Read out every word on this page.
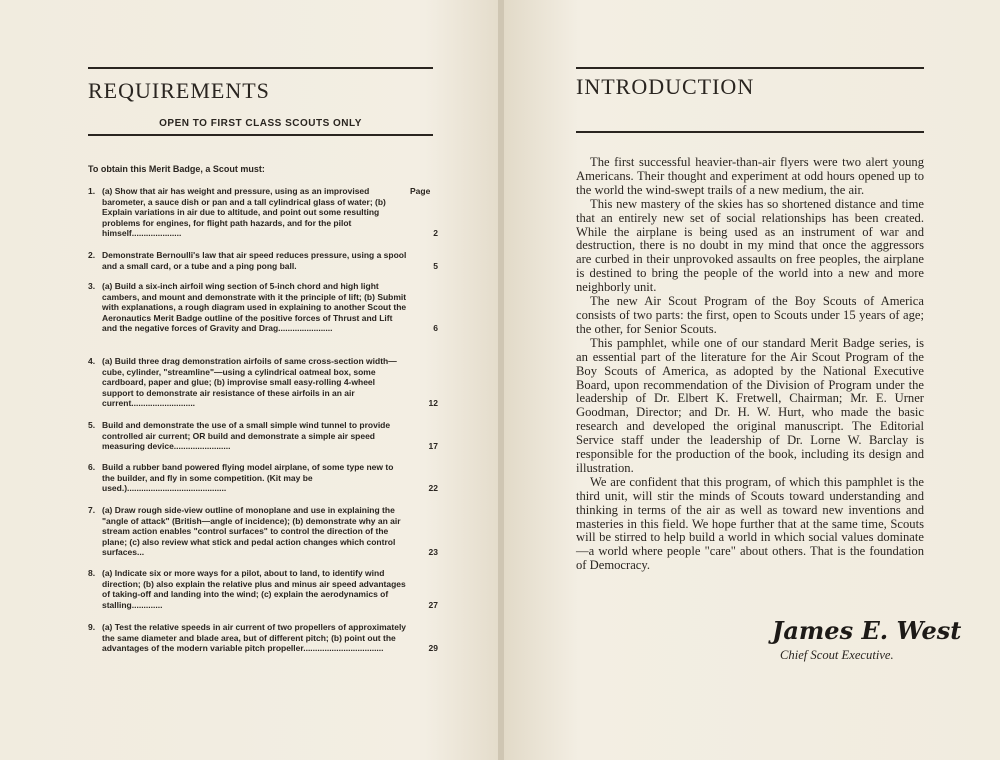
REQUIREMENTS
OPEN TO FIRST CLASS SCOUTS ONLY
To obtain this Merit Badge, a Scout must:
Page
1. (a) Show that air has weight and pressure, using as an improvised barometer, a sauce dish or pan and a tall cylindrical glass of water; (b) Explain variations in air due to altitude, and point out some resulting problems for engines, for flight path hazards, and for the pilot himself.....................	2
2. Demonstrate Bernoulli's law that air speed reduces pressure, using a spool and a small card, or a tube and a ping pong ball.	5
3. (a) Build a six-inch airfoil wing section of 5-inch chord and high light cambers, and mount and demonstrate with it the principle of lift; (b) Submit with explanations, a rough diagram used in explaining to another Scout the Aeronautics Merit Badge outline of the positive forces of Thrust and Lift and the negative forces of Gravity and Drag.......................	6
4. (a) Build three drag demonstration airfoils of same cross-section width—cube, cylinder, "streamline"—using a cylindrical oatmeal box, some cardboard, paper and glue; (b) improvise small easy-rolling 4-wheel support to demonstrate air resistance of these airfoils in an air current...........................	12
5. Build and demonstrate the use of a small simple wind tunnel to provide controlled air current; OR build and demonstrate a simple air speed measuring device........................	17
6. Build a rubber band powered flying model airplane, of some type new to the builder, and fly in some competition. (Kit may be used.)..........................................	22
7. (a) Draw rough side-view outline of monoplane and use in explaining the "angle of attack" (British—angle of incidence); (b) demonstrate why an air stream action enables "control surfaces" to control the direction of the plane; (c) also review what stick and pedal action changes which control surfaces...	23
8. (a) Indicate six or more ways for a pilot, about to land, to identify wind direction; (b) also explain the relative plus and minus air speed advantages of taking-off and landing into the wind; (c) explain the aerodynamics of stalling.............	27
9. (a) Test the relative speeds in air current of two propellers of approximately the same diameter and blade area, but of different pitch; (b) point out the advantages of the modern variable pitch propeller..................................	29
INTRODUCTION

The first successful heavier-than-air flyers were two alert young Americans. Their thought and experiment at odd hours opened up to the world the wind-swept trails of a new medium, the air.

This new mastery of the skies has so shortened distance and time that an entirely new set of social relationships has been created. While the airplane is being used as an instrument of war and destruction, there is no doubt in my mind that once the aggressors are curbed in their unprovoked assaults on free peoples, the airplane is destined to bring the people of the world into a new and more neighborly unit.

The new Air Scout Program of the Boy Scouts of America consists of two parts: the first, open to Scouts under 15 years of age; the other, for Senior Scouts.

This pamphlet, while one of our standard Merit Badge series, is an essential part of the literature for the Air Scout Program of the Boy Scouts of America, as adopted by the National Executive Board, upon recommendation of the Division of Program under the leadership of Dr. Elbert K. Fretwell, Chairman; Mr. E. Urner Goodman, Director; and Dr. H. W. Hurt, who made the basic research and developed the original manuscript. The Editorial Service staff under the leadership of Dr. Lorne W. Barclay is responsible for the production of the book, including its design and illustration.

We are confident that this program, of which this pamphlet is the third unit, will stir the minds of Scouts toward understanding and thinking in terms of the air as well as toward new inventions and masteries in this field. We hope further that at the same time, Scouts will be stirred to help build a world in which social values dominate—a world where people "care" about others. That is the foundation of Democracy.

James E. West
Chief Scout Executive.
